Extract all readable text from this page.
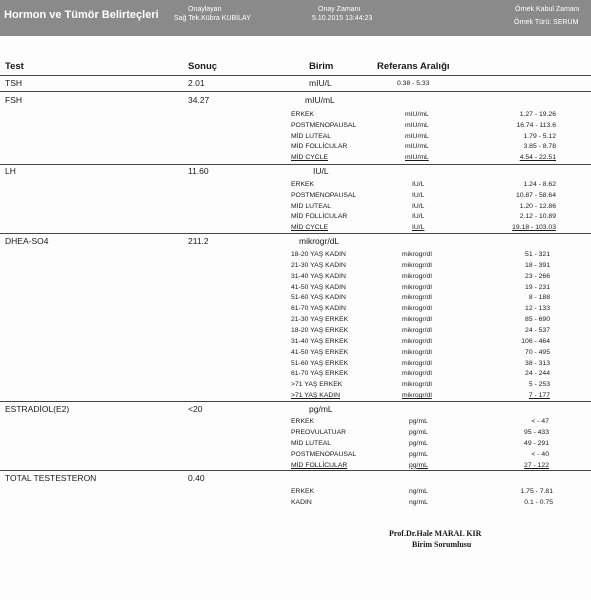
Hormon ve Tümör Belirteçleri	Onaylayan
Sağ Tek.Kübra KUBİLAY
Onay Zamanı
5.10.2015 13:44:23
Örnek Kabul Zamanı
Örnek Türü: SERUM
Test	Sonuç	Birim	Referans Aralığı
TSH	2.01	mIU/L	0.38 - 5.33
FSH	34.27	mIU/mL
ERKEK	mIU/mL	1.27 - 19.26
POSTMENOPAUSAL	mIU/mL	16.74 - 113.6
MİD LUTEAL	mIU/mL	1.79 - 5.12
MİD FOLLİCULAR	mIU/mL	3.85 - 8.78
MİD CYCLE	mIU/mL	4.54 - 22.51
LH	11.60	IU/L
ERKEK	IU/L	1.24 - 8.62
POSTMENOPAUSAL	IU/L	10.87 - 58.64
MİD LUTEAL	IU/L	1.20 - 12.86
MİD FOLLİCULAR	IU/L	2.12 - 10.89
MİD CYCLE	IU/L	19.18 - 103.03
DHEA-SO4	211.2	mikrogr/dL
18-20 YAŞ KADIN	mikrogr/dl	51 - 321
21-30 YAŞ KADIN	mikrogr/dl	18 - 391
31-40 YAŞ KADIN	mikrogr/dl	23 - 266
41-50 YAŞ KADIN	mikrogr/dl	19 - 231
51-60 YAŞ KADIN	mikrogr/dl	8 - 188
61-70 YAŞ KADIN	mikrogr/dl	12 - 133
21-30 YAŞ ERKEK	mikrogr/dl	85 - 690
18-20 YAŞ ERKEK	mikrogr/dl	24 - 537
31-40 YAŞ ERKEK	mikrogr/dl	106 - 464
41-50 YAŞ ERKEK	mikrogr/dl	70 - 495
51-60 YAŞ ERKEK	mikrogr/dl	38 - 313
61-70 YAŞ ERKEK	mikrogr/dl	24 - 244
>71 YAŞ ERKEK	mikrogr/dl	5 - 253
>71 YAŞ KADIN	mikrogr/dl	7 - 177
ESTRADİOL(E2)	<20	pg/mL
ERKEK	pg/mL	< - 47
PREOVULATUAR	pg/mL	95 - 433
MİD LUTEAL	pg/mL	49 - 291
POSTMENOPAUSAL	pg/mL	< - 40
MİD FOLLİCULAR	pg/mL	27 - 122
TOTAL TESTESTERON	0.40
ERKEK	ng/mL	1.75 - 7.81
KADIN	ng/mL	0.1 - 0.75
Prof.Dr.Hale MARAL KIR
Birim Sorumlusu
